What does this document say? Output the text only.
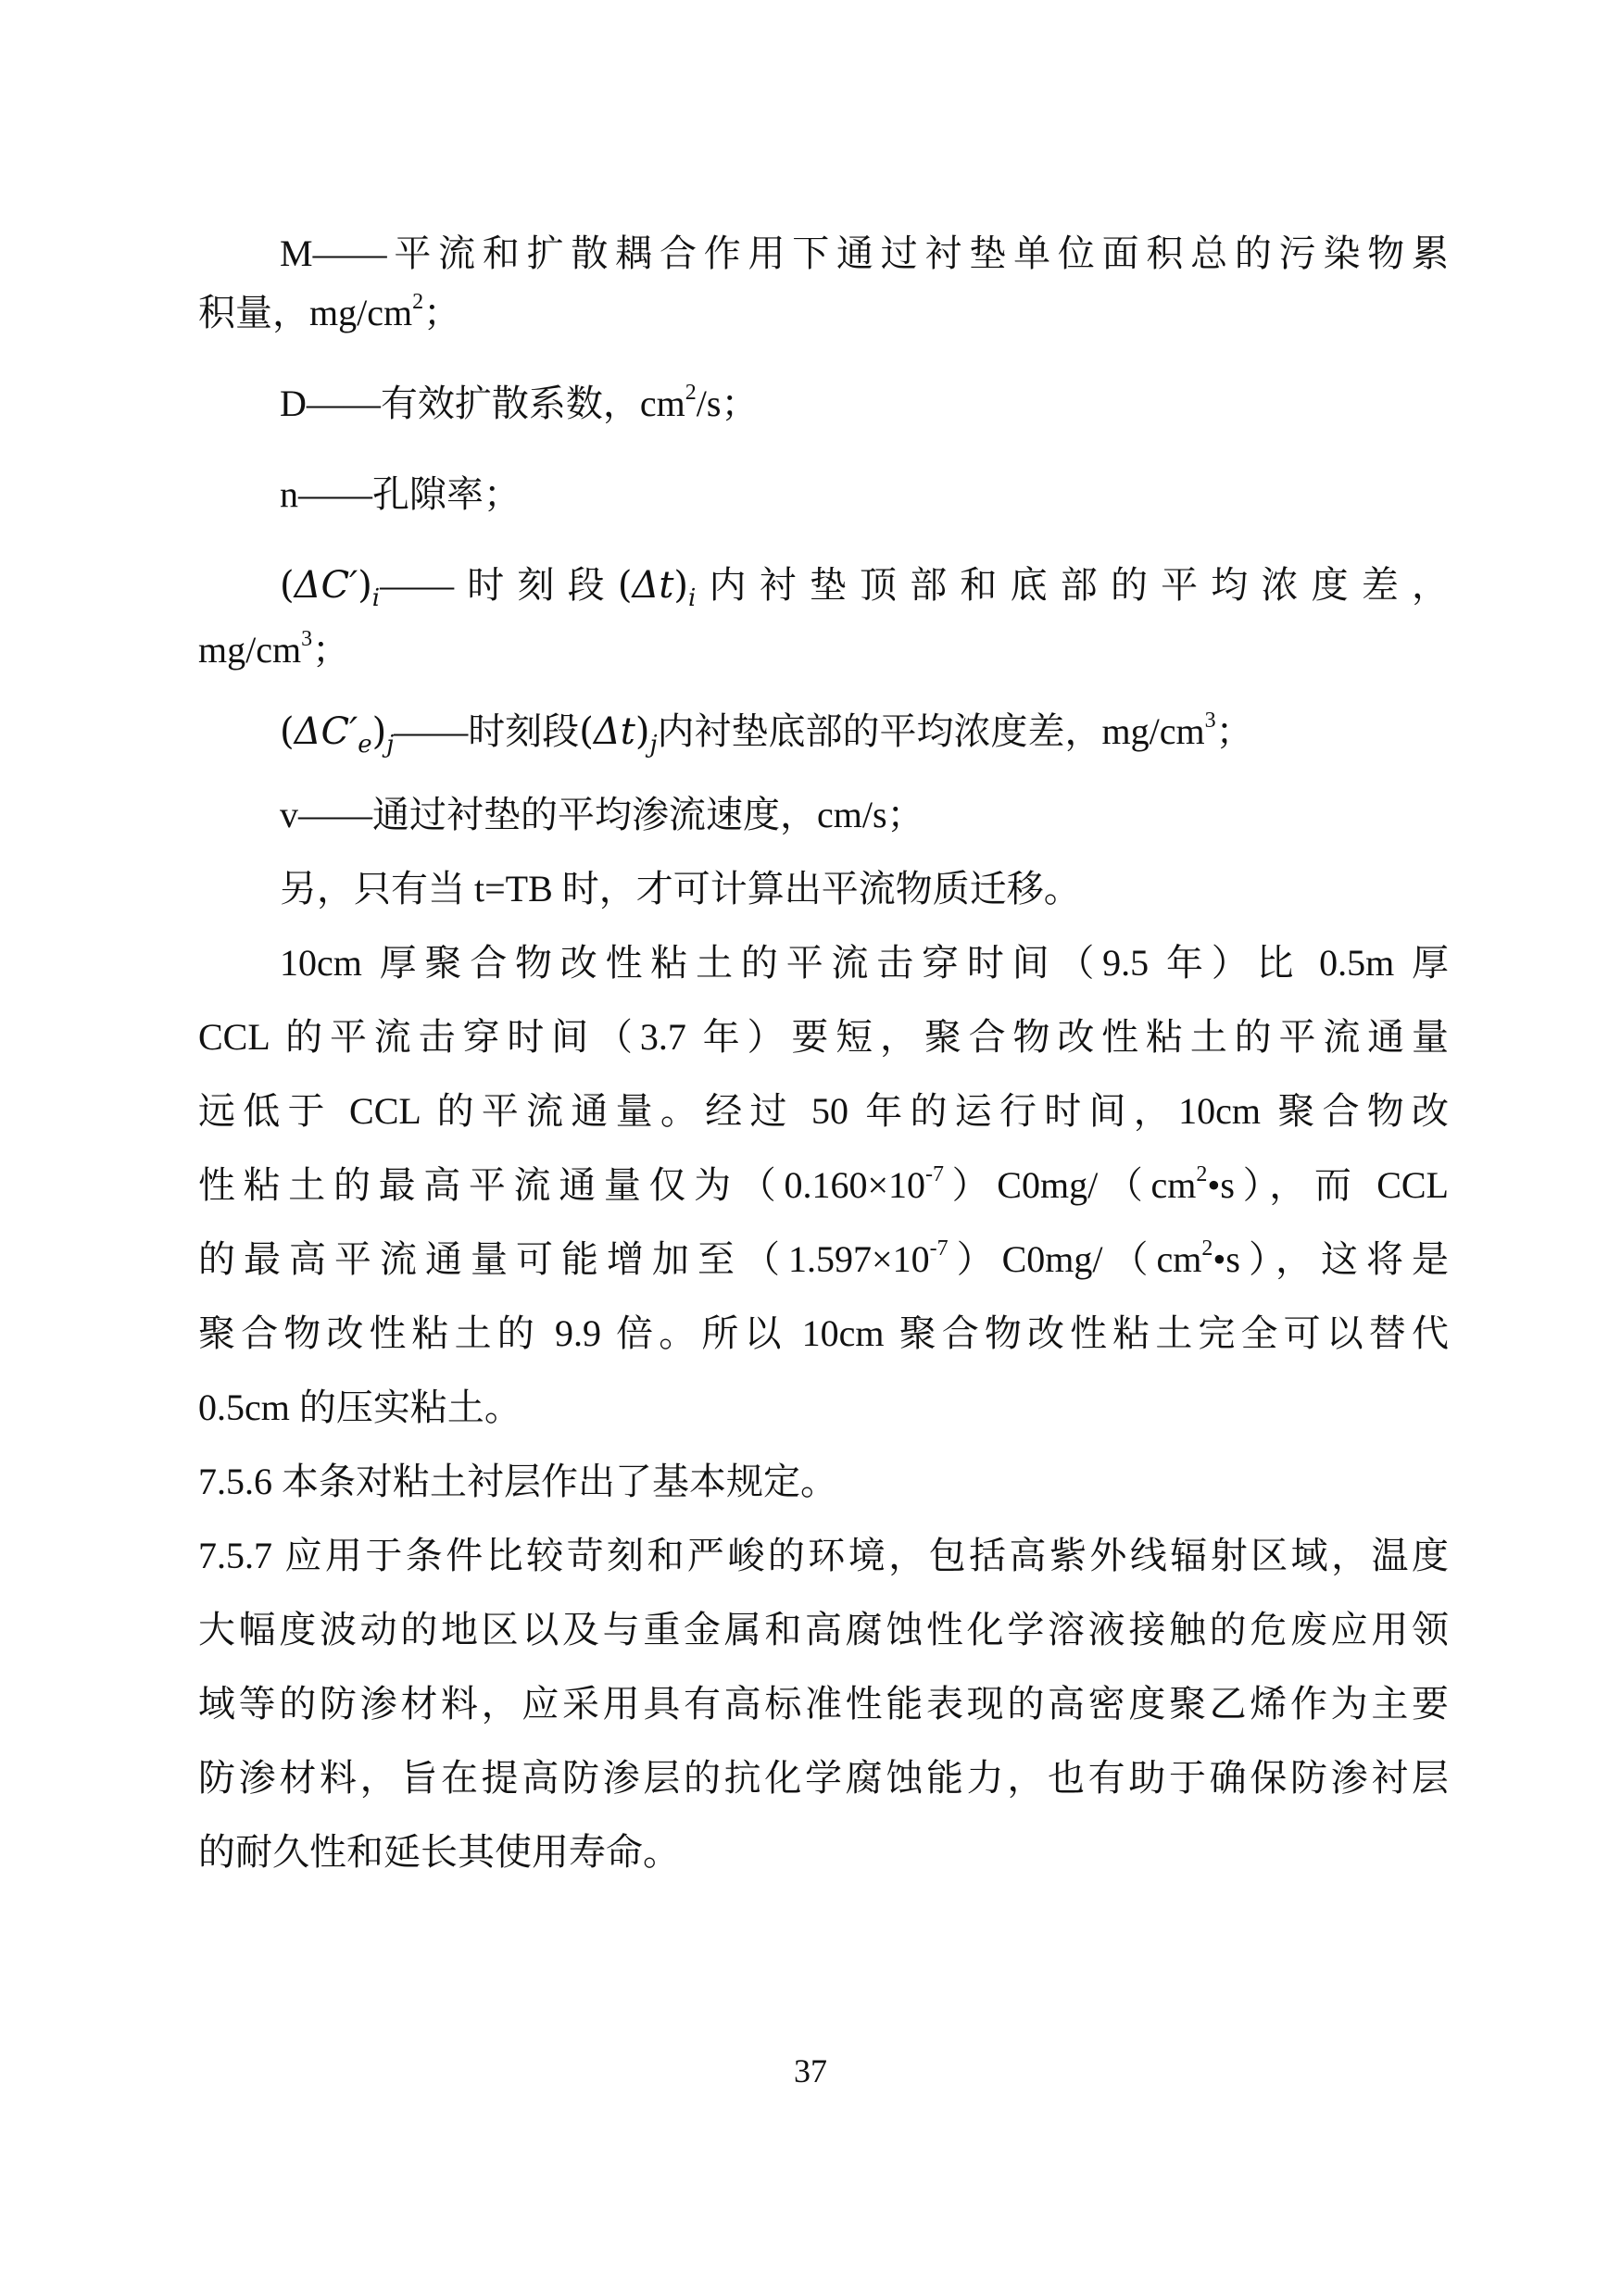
M——平流和扩散耦合作用下通过衬垫单位面积总的污染物累
积量，$mg/cm^2$；
D——有效扩散系数，$cm^2/s$；
n——孔隙率；
$(\Delta C')_i——$时刻段$(\Delta t)_i$内衬垫顶部和底部的平均浓度差，
$mg/cm^3$；
$(\Delta C'_e)_j——$时刻段$(\Delta t)_j$内衬垫底部的平均浓度差，$mg/cm^3$；
v——通过衬垫的平均渗流速度，cm/s；
另，只有当 t=TB 时，才可计算出平流物质迁移。
10cm 厚聚合物改性粘土的平流击穿时间（9.5 年）比 0.5m 厚
CCL 的平流击穿时间（3.7 年）要短，聚合物改性粘土的平流通量
远低于 CCL 的平流通量。经过 50 年的运行时间，10cm 聚合物改
性粘土的最高平流通量仅为$(0.160\times 10^{-7})C0mg/(cm^2•s)$，而 CCL
的最高平流通量可能增加至$(1.597\times 10^{-7})C0mg/(cm^2•s)$，这将是
聚合物改性粘土的 9.9 倍。所以 10cm 聚合物改性粘土完全可以替代
0.5cm 的压实粘土。
7.5.6 本条对粘土衬层作出了基本规定。
7.5.7 应用于条件比较苛刻和严峻的环境，包括高紫外线辐射区域，温度
大幅度波动的地区以及与重金属和高腐蚀性化学溶液接触的危废应用领
域等的防渗材料，应采用具有高标准性能表现的高密度聚乙烯作为主要
防渗材料，旨在提高防渗层的抗化学腐蚀能力，也有助于确保防渗衬层
的耐久性和延长其使用寿命。
37
